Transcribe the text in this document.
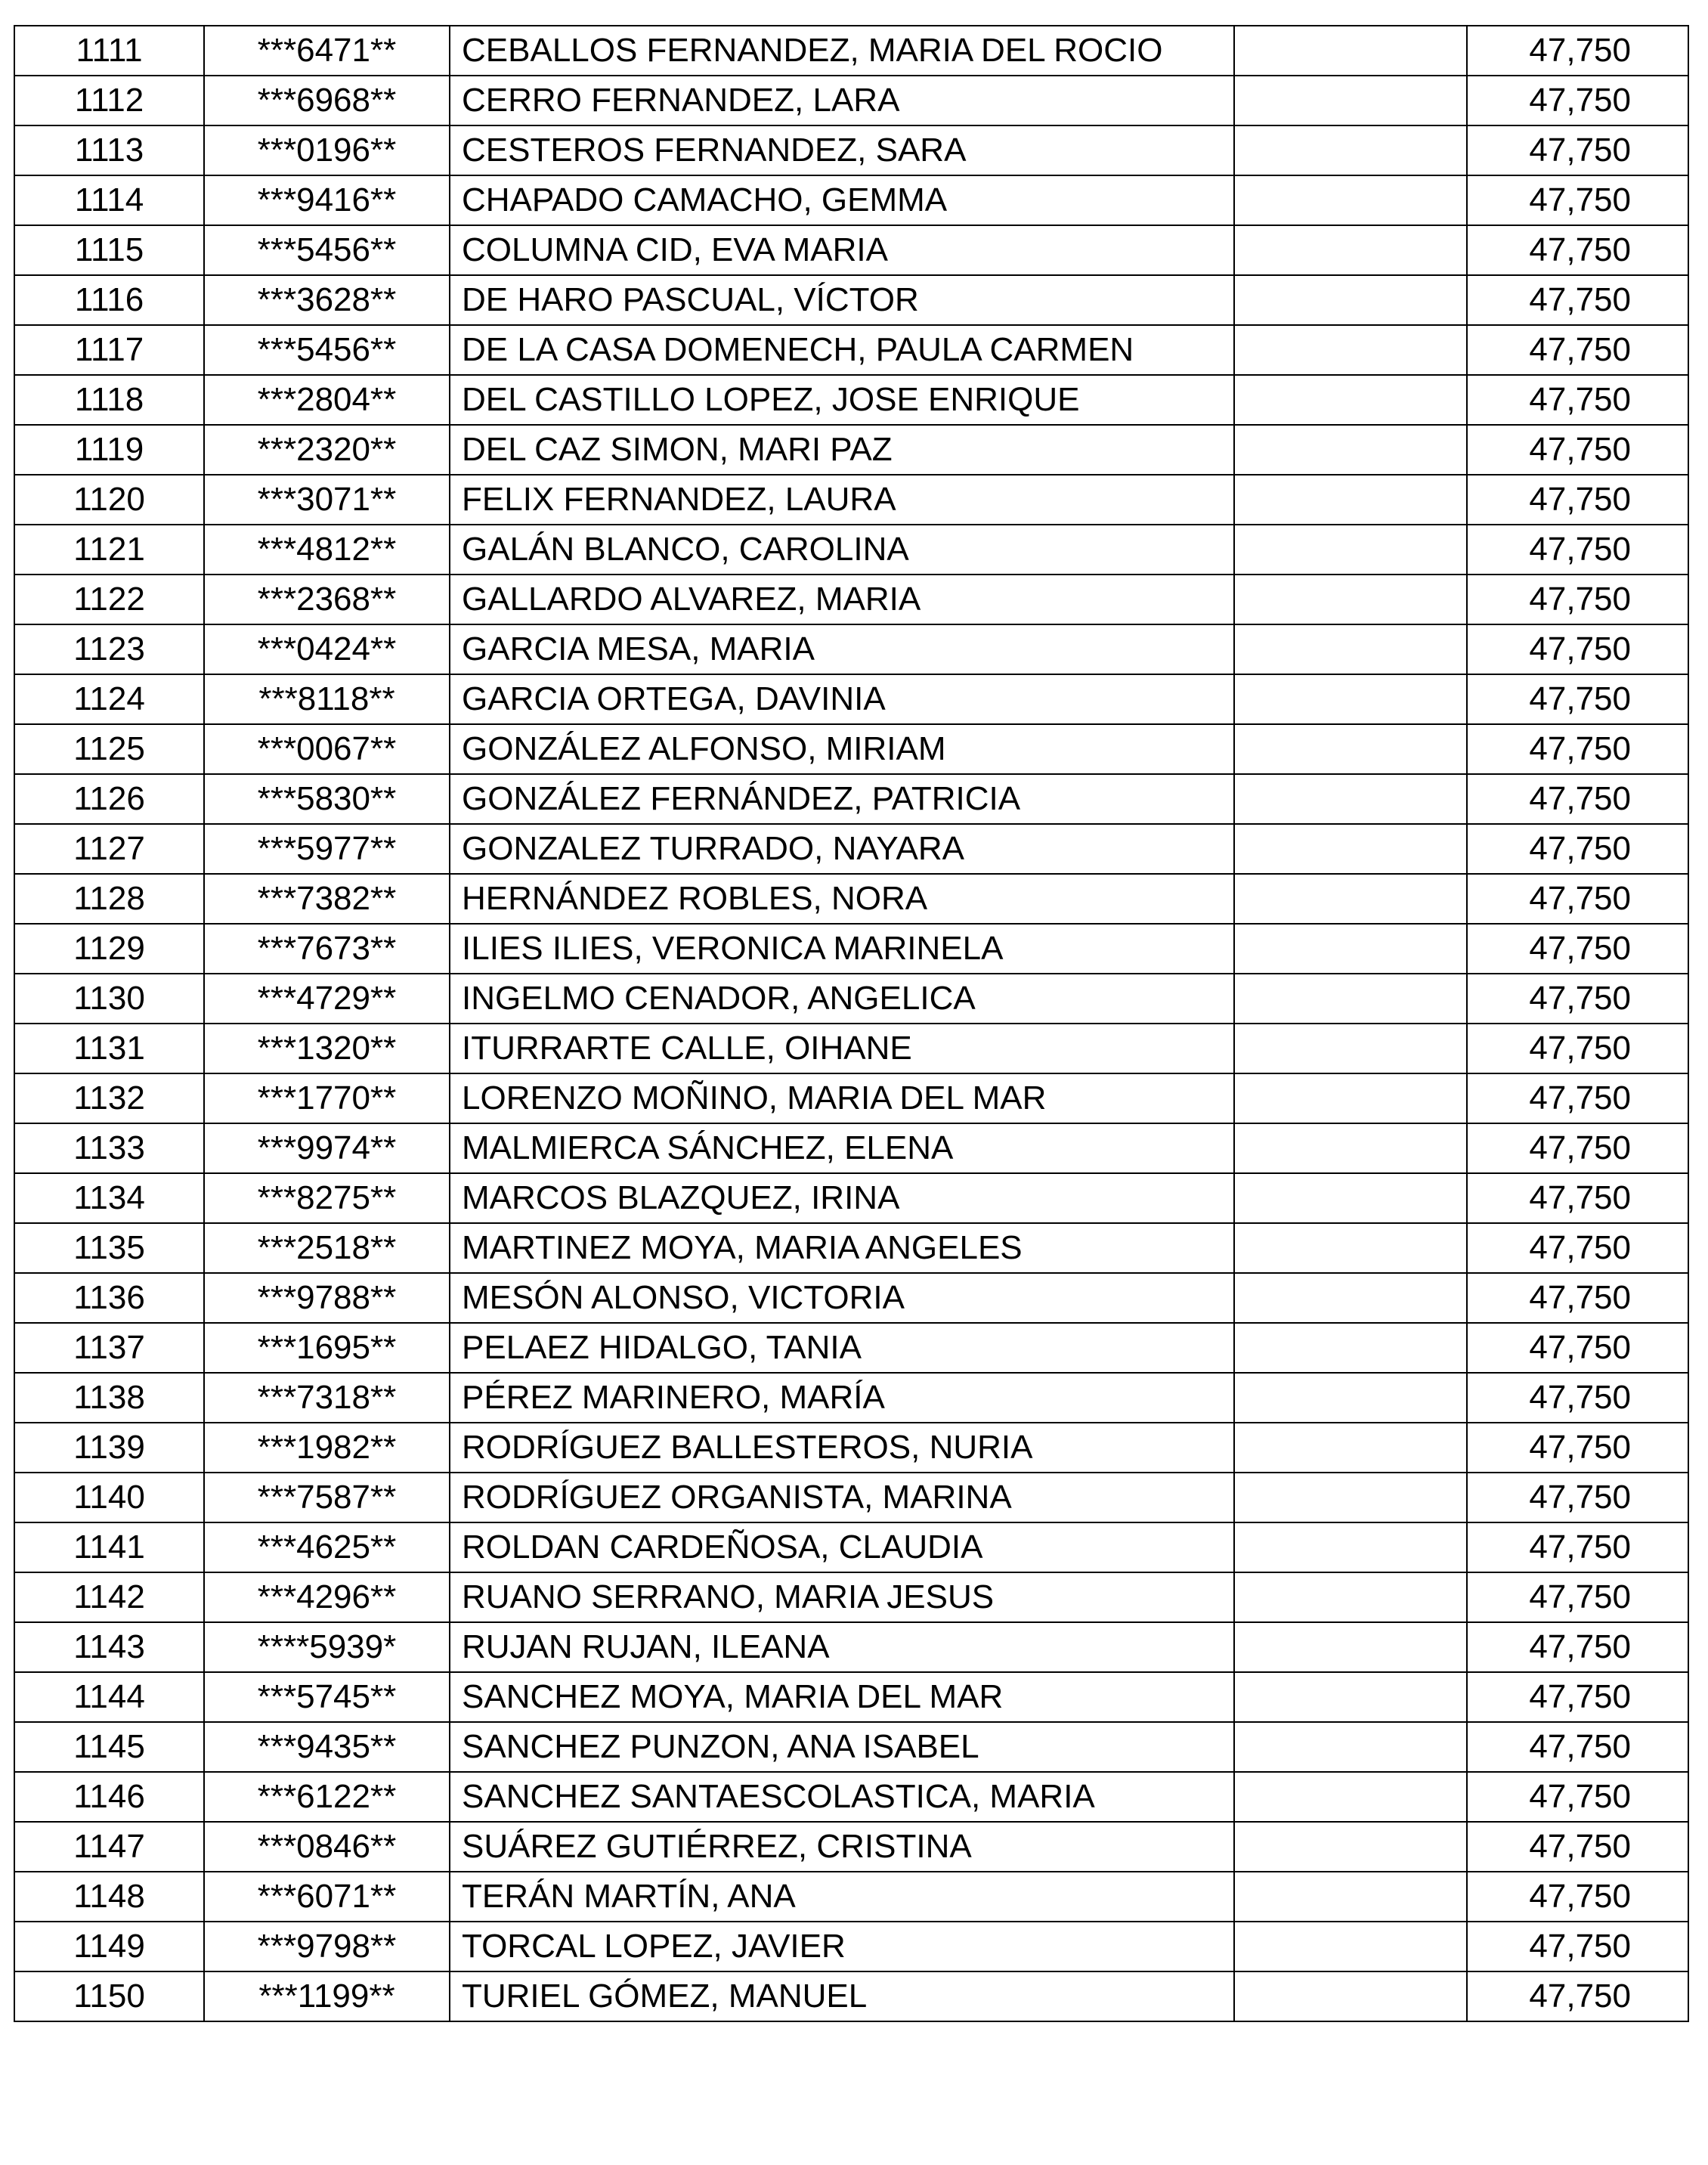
1111	***6471**	CEBALLOS FERNANDEZ, MARIA DEL ROCIO		47,750
1112	***6968**	CERRO FERNANDEZ, LARA		47,750
1113	***0196**	CESTEROS FERNANDEZ, SARA		47,750
1114	***9416**	CHAPADO CAMACHO, GEMMA		47,750
1115	***5456**	COLUMNA CID, EVA MARIA		47,750
1116	***3628**	DE HARO PASCUAL, VÍCTOR		47,750
1117	***5456**	DE LA CASA DOMENECH, PAULA CARMEN		47,750
1118	***2804**	DEL CASTILLO LOPEZ, JOSE ENRIQUE		47,750
1119	***2320**	DEL CAZ SIMON, MARI PAZ		47,750
1120	***3071**	FELIX FERNANDEZ, LAURA		47,750
1121	***4812**	GALÁN BLANCO, CAROLINA		47,750
1122	***2368**	GALLARDO ALVAREZ, MARIA		47,750
1123	***0424**	GARCIA MESA, MARIA		47,750
1124	***8118**	GARCIA ORTEGA, DAVINIA		47,750
1125	***0067**	GONZÁLEZ ALFONSO, MIRIAM		47,750
1126	***5830**	GONZÁLEZ FERNÁNDEZ, PATRICIA		47,750
1127	***5977**	GONZALEZ TURRADO, NAYARA		47,750
1128	***7382**	HERNÁNDEZ ROBLES, NORA		47,750
1129	***7673**	ILIES ILIES, VERONICA MARINELA		47,750
1130	***4729**	INGELMO CENADOR, ANGELICA		47,750
1131	***1320**	ITURRARTE CALLE, OIHANE		47,750
1132	***1770**	LORENZO MOÑINO, MARIA DEL MAR		47,750
1133	***9974**	MALMIERCA SÁNCHEZ, ELENA		47,750
1134	***8275**	MARCOS BLAZQUEZ, IRINA		47,750
1135	***2518**	MARTINEZ MOYA, MARIA ANGELES		47,750
1136	***9788**	MESÓN ALONSO, VICTORIA		47,750
1137	***1695**	PELAEZ HIDALGO, TANIA		47,750
1138	***7318**	PÉREZ MARINERO, MARÍA		47,750
1139	***1982**	RODRÍGUEZ BALLESTEROS, NURIA		47,750
1140	***7587**	RODRÍGUEZ ORGANISTA, MARINA		47,750
1141	***4625**	ROLDAN CARDEÑOSA, CLAUDIA		47,750
1142	***4296**	RUANO SERRANO, MARIA JESUS		47,750
1143	****5939*	RUJAN RUJAN, ILEANA		47,750
1144	***5745**	SANCHEZ MOYA, MARIA DEL MAR		47,750
1145	***9435**	SANCHEZ PUNZON, ANA ISABEL		47,750
1146	***6122**	SANCHEZ SANTAESCOLASTICA, MARIA		47,750
1147	***0846**	SUÁREZ GUTIÉRREZ, CRISTINA		47,750
1148	***6071**	TERÁN MARTÍN, ANA		47,750
1149	***9798**	TORCAL LOPEZ, JAVIER		47,750
1150	***1199**	TURIEL GÓMEZ, MANUEL		47,750
